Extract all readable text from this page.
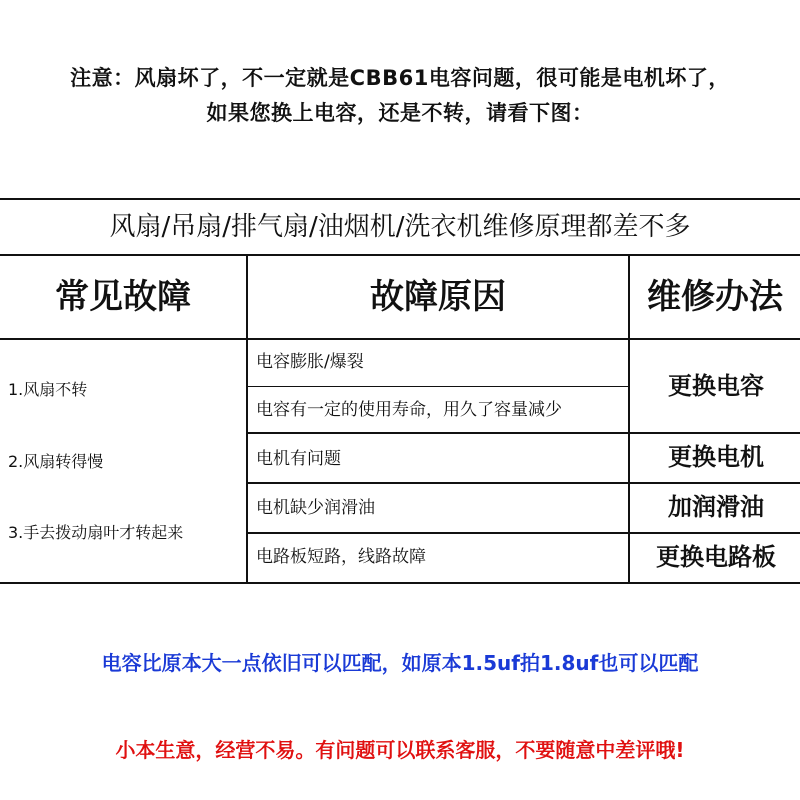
注意：风扇坏了，不一定就是CBB61电容问题，很可能是电机坏了，
如果您换上电容，还是不转，请看下图：
风扇/吊扇/排气扇/油烟机/洗衣机维修原理都差不多
常见故障	故障原因	维修办法
1.风扇不转
2.风扇转得慢
3.手去拨动扇叶才转起来
电容膨胀/爆裂
电容有一定的使用寿命，用久了容量减少
电机有问题
电机缺少润滑油
电路板短路，线路故障
更换电容
更换电机
加润滑油
更换电路板
电容比原本大一点依旧可以匹配，如原本1.5uf拍1.8uf也可以匹配
小本生意，经营不易。有问题可以联系客服，不要随意中差评哦!
